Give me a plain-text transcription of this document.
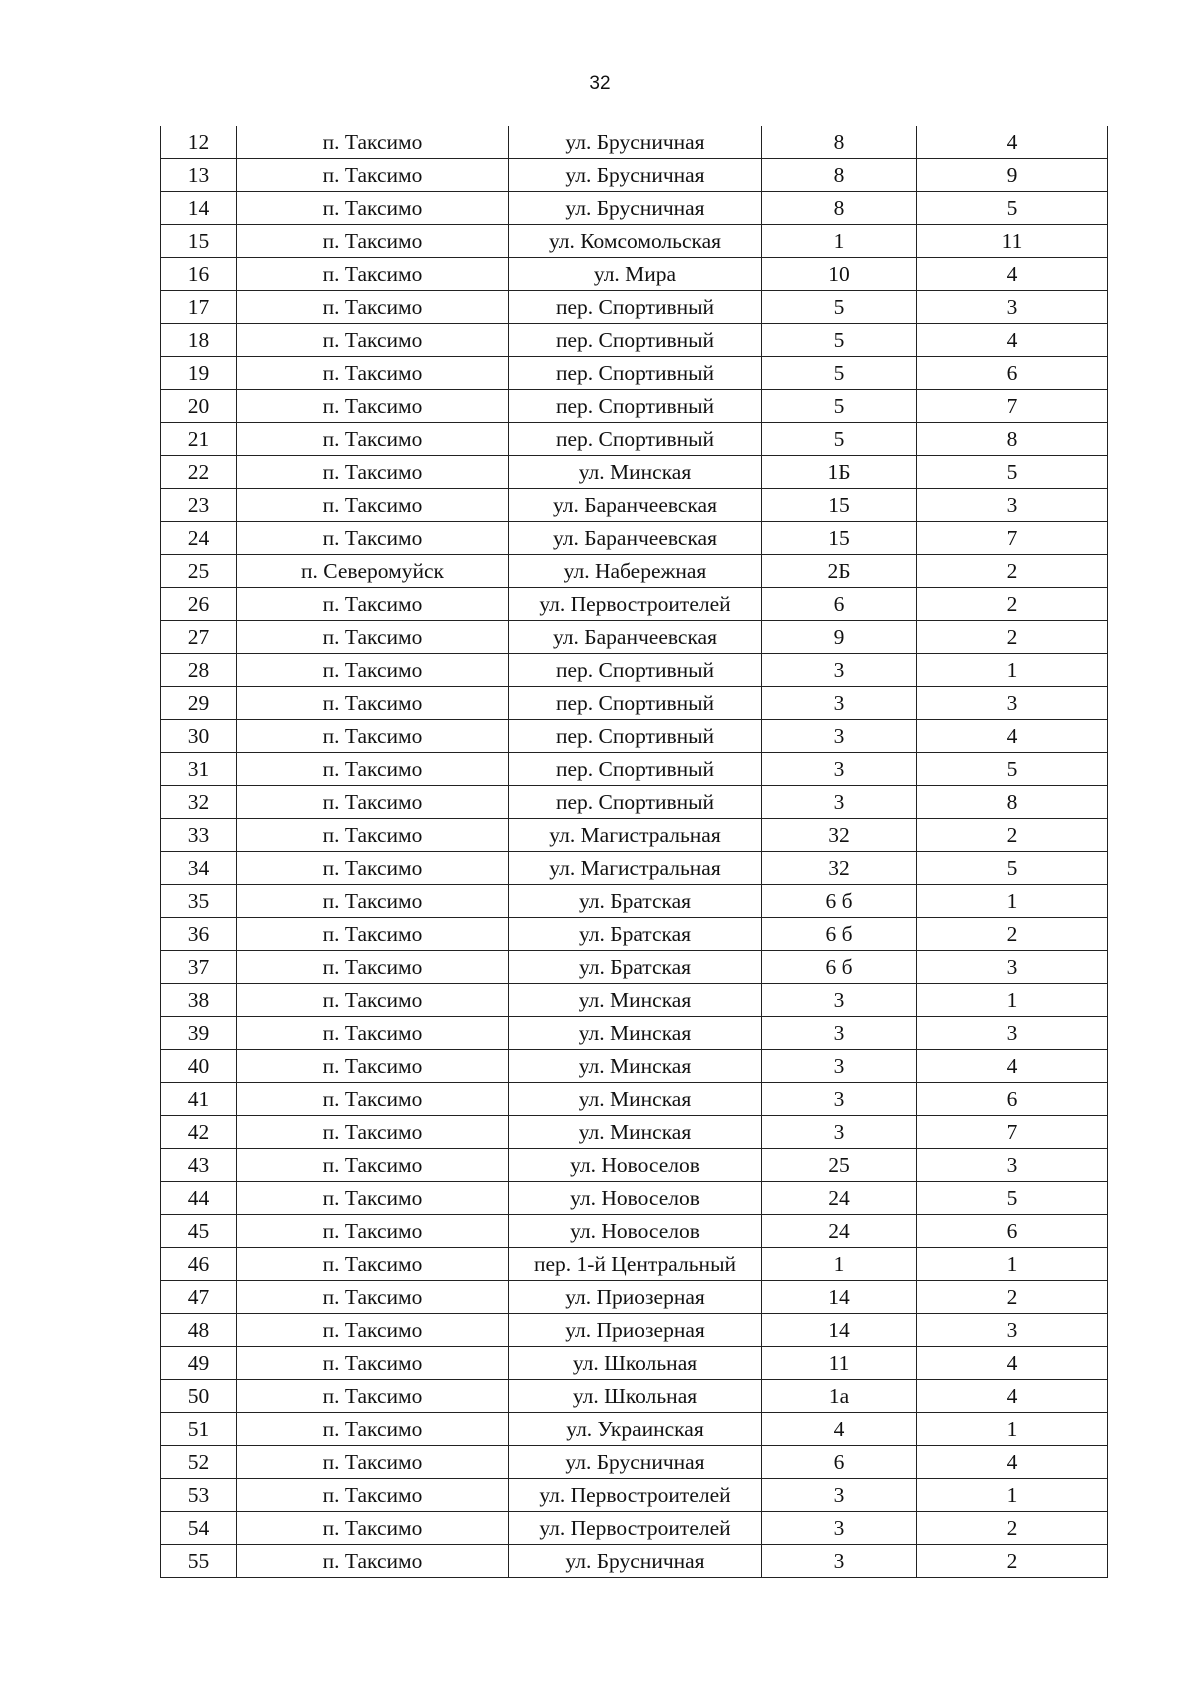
32
12	п. Таксимо	ул. Брусничная	8	4
13	п. Таксимо	ул. Брусничная	8	9
14	п. Таксимо	ул. Брусничная	8	5
15	п. Таксимо	ул. Комсомольская	1	11
16	п. Таксимо	ул. Мира	10	4
17	п. Таксимо	пер. Спортивный	5	3
18	п. Таксимо	пер. Спортивный	5	4
19	п. Таксимо	пер. Спортивный	5	6
20	п. Таксимо	пер. Спортивный	5	7
21	п. Таксимо	пер. Спортивный	5	8
22	п. Таксимо	ул. Минская	1Б	5
23	п. Таксимо	ул. Баранчеевская	15	3
24	п. Таксимо	ул. Баранчеевская	15	7
25	п. Северомуйск	ул. Набережная	2Б	2
26	п. Таксимо	ул. Первостроителей	6	2
27	п. Таксимо	ул. Баранчеевская	9	2
28	п. Таксимо	пер. Спортивный	3	1
29	п. Таксимо	пер. Спортивный	3	3
30	п. Таксимо	пер. Спортивный	3	4
31	п. Таксимо	пер. Спортивный	3	5
32	п. Таксимо	пер. Спортивный	3	8
33	п. Таксимо	ул. Магистральная	32	2
34	п. Таксимо	ул. Магистральная	32	5
35	п. Таксимо	ул. Братская	6 б	1
36	п. Таксимо	ул. Братская	6 б	2
37	п. Таксимо	ул. Братская	6 б	3
38	п. Таксимо	ул. Минская	3	1
39	п. Таксимо	ул. Минская	3	3
40	п. Таксимо	ул. Минская	3	4
41	п. Таксимо	ул. Минская	3	6
42	п. Таксимо	ул. Минская	3	7
43	п. Таксимо	ул. Новоселов	25	3
44	п. Таксимо	ул. Новоселов	24	5
45	п. Таксимо	ул. Новоселов	24	6
46	п. Таксимо	пер. 1-й Центральный	1	1
47	п. Таксимо	ул. Приозерная	14	2
48	п. Таксимо	ул. Приозерная	14	3
49	п. Таксимо	ул. Школьная	11	4
50	п. Таксимо	ул. Школьная	1а	4
51	п. Таксимо	ул. Украинская	4	1
52	п. Таксимо	ул. Брусничная	6	4
53	п. Таксимо	ул. Первостроителей	3	1
54	п. Таксимо	ул. Первостроителей	3	2
55	п. Таксимо	ул. Брусничная	3	2
